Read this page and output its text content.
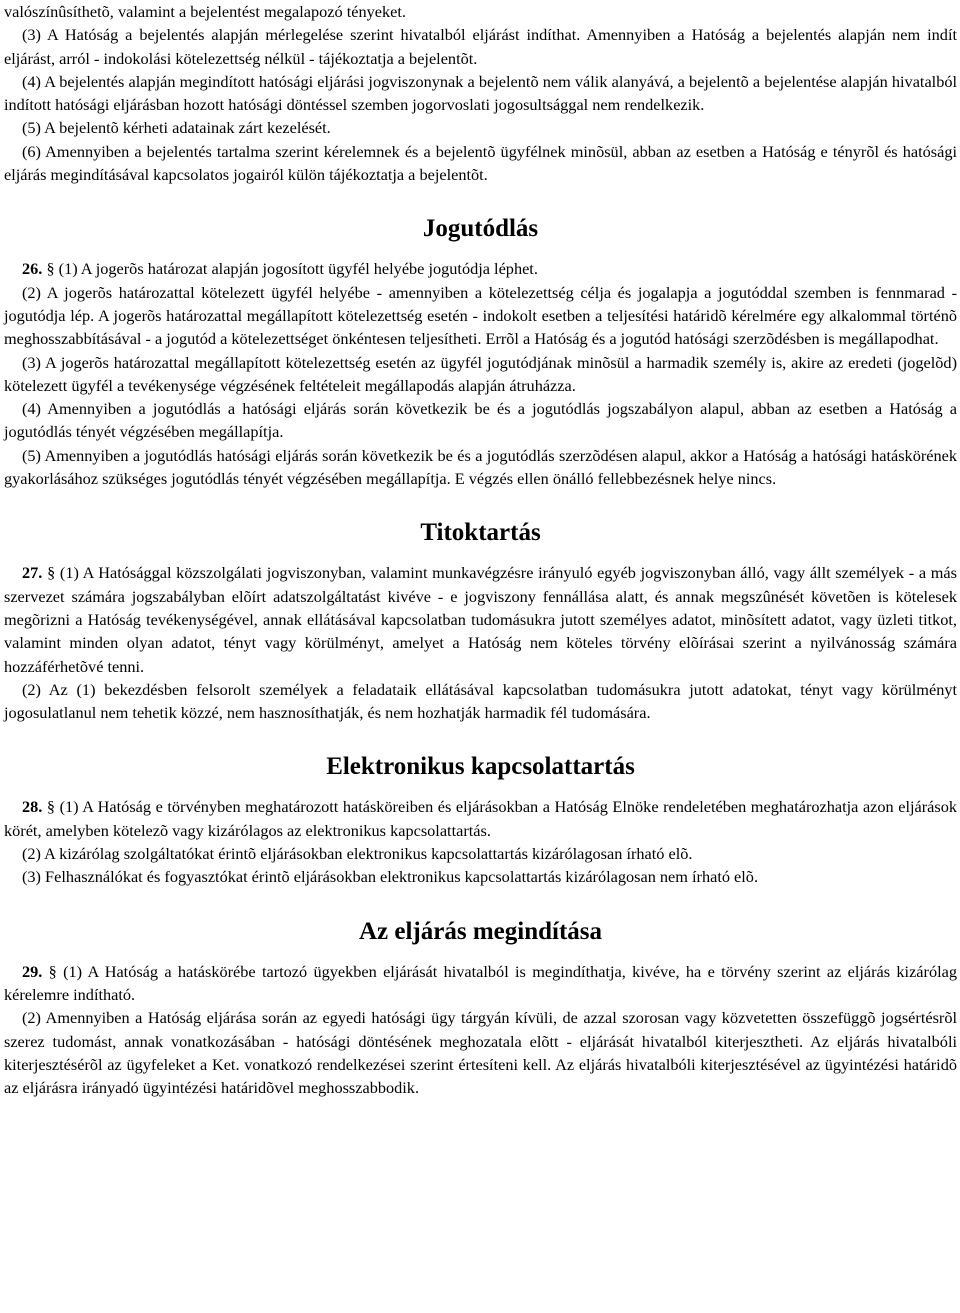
valószínûsíthetõ, valamint a bejelentést megalapozó tényeket.

(3) A Hatóság a bejelentés alapján mérlegelése szerint hivatalból eljárást indíthat. Amennyiben a Hatóság a bejelentés alapján nem indít eljárást, arról - indokolási kötelezettség nélkül - tájékoztatja a bejelentõt.

(4) A bejelentés alapján megindított hatósági eljárási jogviszonynak a bejelentõ nem válik alanyává, a bejelentõ a bejelentése alapján hivatalból indított hatósági eljárásban hozott hatósági döntéssel szemben jogorvoslati jogosultsággal nem rendelkezik.

(5) A bejelentõ kérheti adatainak zárt kezelését.

(6) Amennyiben a bejelentés tartalma szerint kérelemnek és a bejelentõ ügyfélnek minõsül, abban az esetben a Hatóság e tényrõl és hatósági eljárás megindításával kapcsolatos jogairól külön tájékoztatja a bejelentõt.

Jogutódlás

26. § (1) A jogerõs határozat alapján jogosított ügyfél helyébe jogutódja léphet.

(2) A jogerõs határozattal kötelezett ügyfél helyébe - amennyiben a kötelezettség célja és jogalapja a jogutóddal szemben is fennmarad - jogutódja lép. A jogerõs határozattal megállapított kötelezettség esetén - indokolt esetben a teljesítési határidõ kérelmére egy alkalommal történõ meghosszabbításával - a jogutód a kötelezettséget önkéntesen teljesítheti. Errõl a Hatóság és a jogutód hatósági szerzõdésben is megállapodhat.

(3) A jogerõs határozattal megállapított kötelezettség esetén az ügyfél jogutódjának minõsül a harmadik személy is, akire az eredeti (jogelõd) kötelezett ügyfél a tevékenysége végzésének feltételeit megállapodás alapján átruházza.

(4) Amennyiben a jogutódlás a hatósági eljárás során következik be és a jogutódlás jogszabályon alapul, abban az esetben a Hatóság a jogutódlás tényét végzésében megállapítja.

(5) Amennyiben a jogutódlás hatósági eljárás során következik be és a jogutódlás szerzõdésen alapul, akkor a Hatóság a hatósági hatáskörének gyakorlásához szükséges jogutódlás tényét végzésében megállapítja. E végzés ellen önálló fellebbezésnek helye nincs.

Titoktartás

27. § (1) A Hatósággal közszolgálati jogviszonyban, valamint munkavégzésre irányuló egyéb jogviszonyban álló, vagy állt személyek - a más szervezet számára jogszabályban elõírt adatszolgáltatást kivéve - e jogviszony fennállása alatt, és annak megszûnését követõen is kötelesek megõrizni a Hatóság tevékenységével, annak ellátásával kapcsolatban tudomásukra jutott személyes adatot, minõsített adatot, vagy üzleti titkot, valamint minden olyan adatot, tényt vagy körülményt, amelyet a Hatóság nem köteles törvény elõírásai szerint a nyilvánosság számára hozzáférhetõvé tenni.

(2) Az (1) bekezdésben felsorolt személyek a feladataik ellátásával kapcsolatban tudomásukra jutott adatokat, tényt vagy körülményt jogosulatlanul nem tehetik közzé, nem hasznosíthatják, és nem hozhatják harmadik fél tudomására.

Elektronikus kapcsolattartás

28. § (1) A Hatóság e törvényben meghatározott hatásköreiben és eljárásokban a Hatóság Elnöke rendeletében meghatározhatja azon eljárások körét, amelyben kötelezõ vagy kizárólagos az elektronikus kapcsolattartás.

(2) A kizárólag szolgáltatókat érintõ eljárásokban elektronikus kapcsolattartás kizárólagosan írható elõ.

(3) Felhasználókat és fogyasztókat érintõ eljárásokban elektronikus kapcsolattartás kizárólagosan nem írható elõ.

Az eljárás megindítása

29. § (1) A Hatóság a hatáskörébe tartozó ügyekben eljárását hivatalból is megindíthatja, kivéve, ha e törvény szerint az eljárás kizárólag kérelemre indítható.

(2) Amennyiben a Hatóság eljárása során az egyedi hatósági ügy tárgyán kívüli, de azzal szorosan vagy közvetetten összefüggõ jogsértésrõl szerez tudomást, annak vonatkozásában - hatósági döntésének meghozatala elõtt - eljárását hivatalból kiterjesztheti. Az eljárás hivatalbóli kiterjesztésérõl az ügyfeleket a Ket. vonatkozó rendelkezései szerint értesíteni kell. Az eljárás hivatalbóli kiterjesztésével az ügyintézési határidõ az eljárásra irányadó ügyintézési határidõvel meghosszabbodik.
